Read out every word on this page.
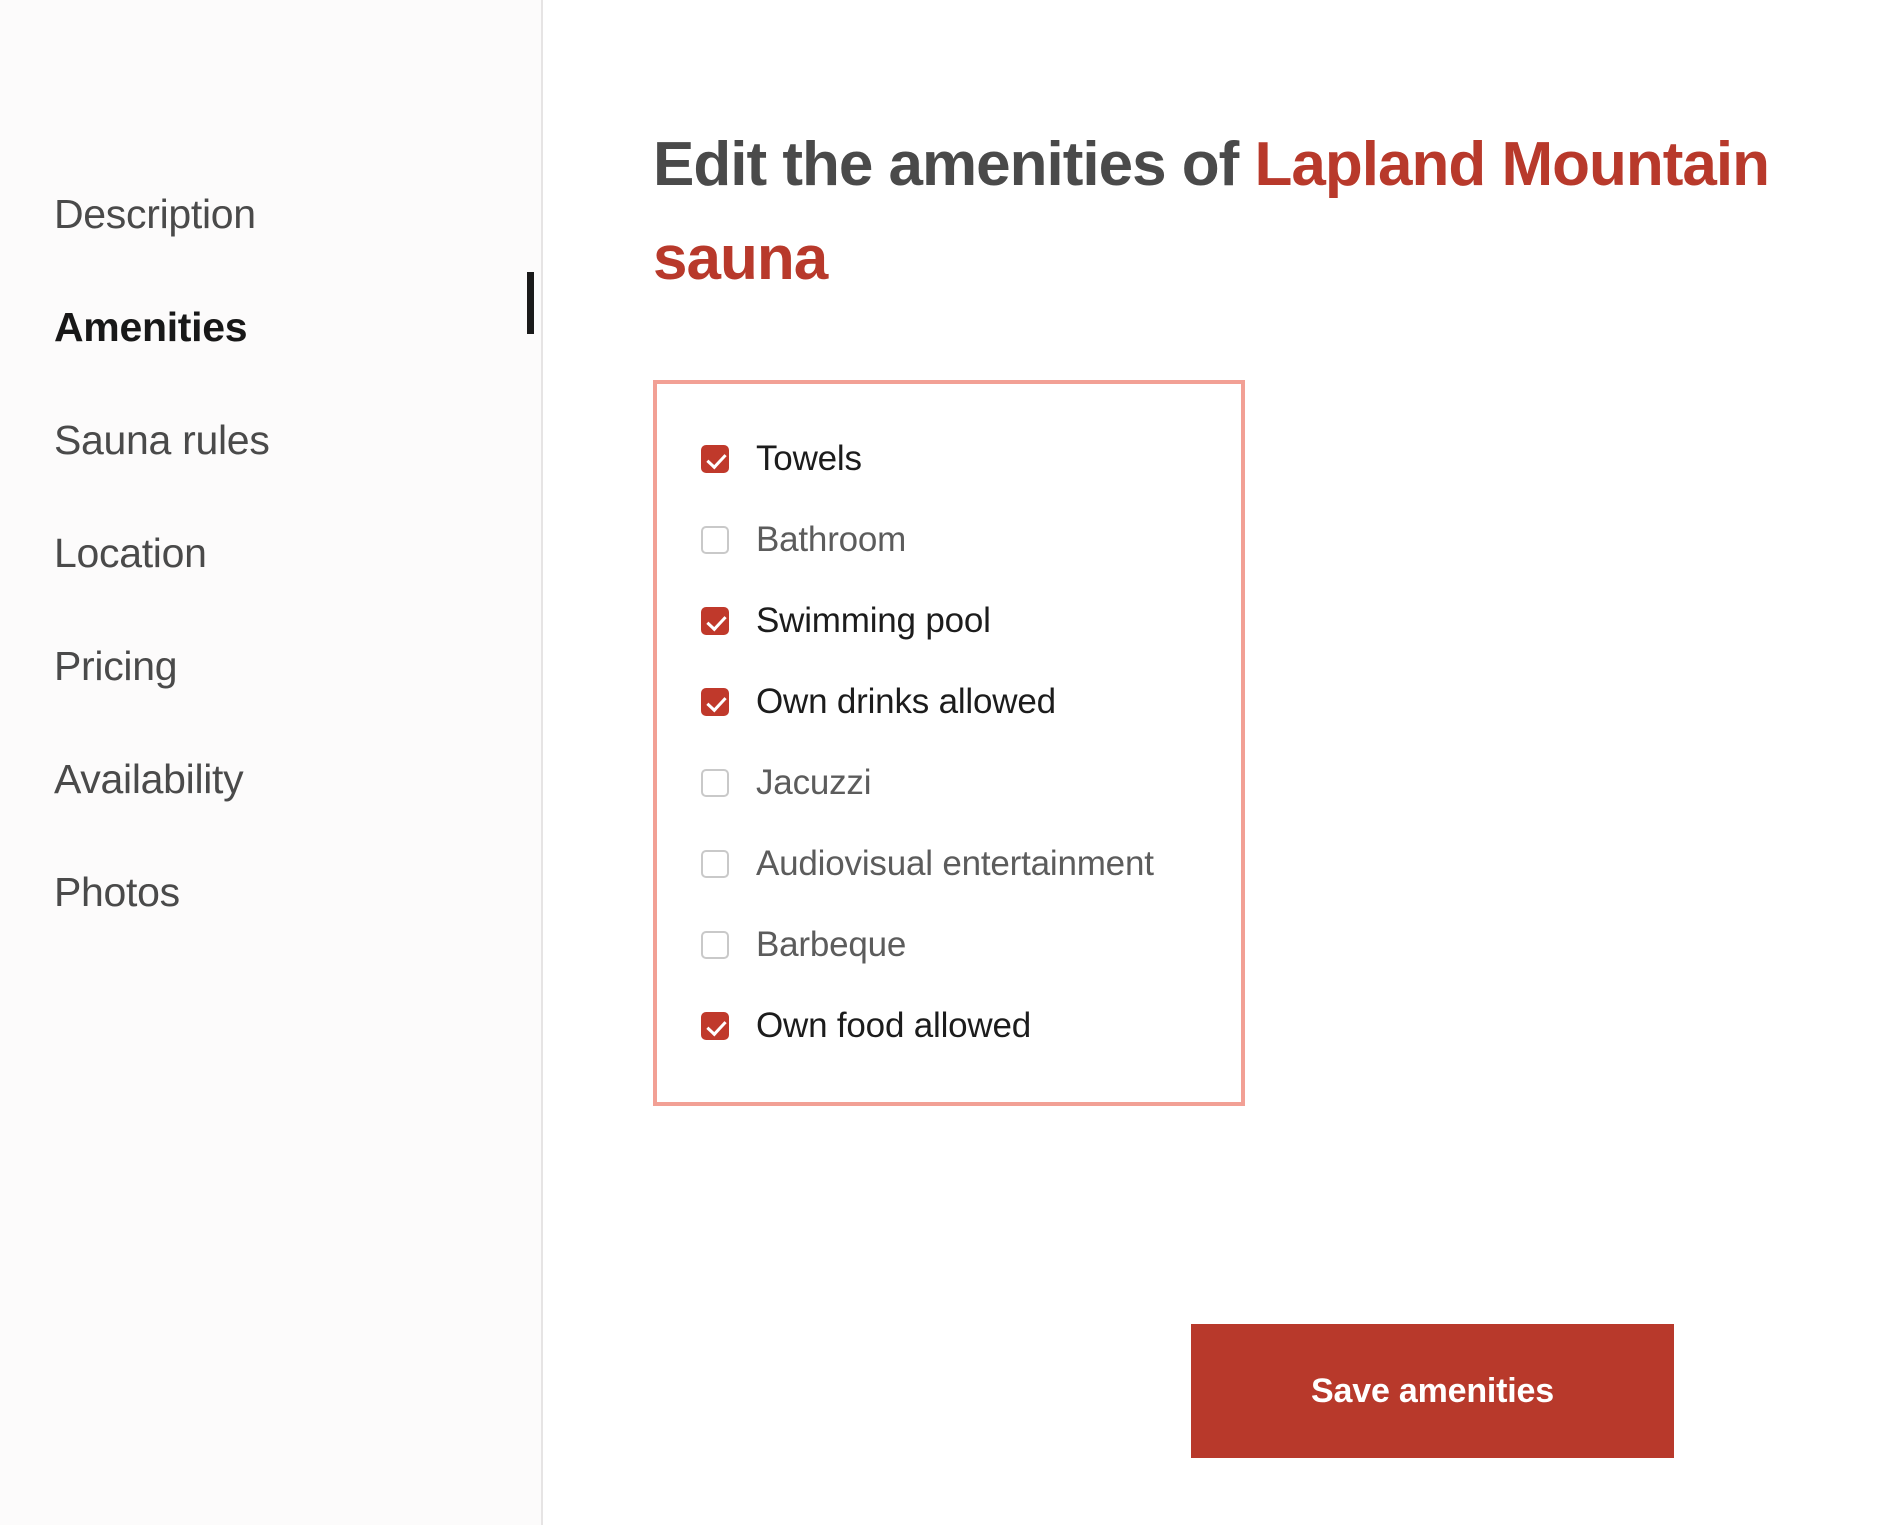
Description
Amenities
Sauna rules
Location
Pricing
Availability
Photos
Edit the amenities of Lapland Mountain sauna
Towels
Bathroom
Swimming pool
Own drinks allowed
Jacuzzi
Audiovisual entertainment
Barbeque
Own food allowed
Save amenities
